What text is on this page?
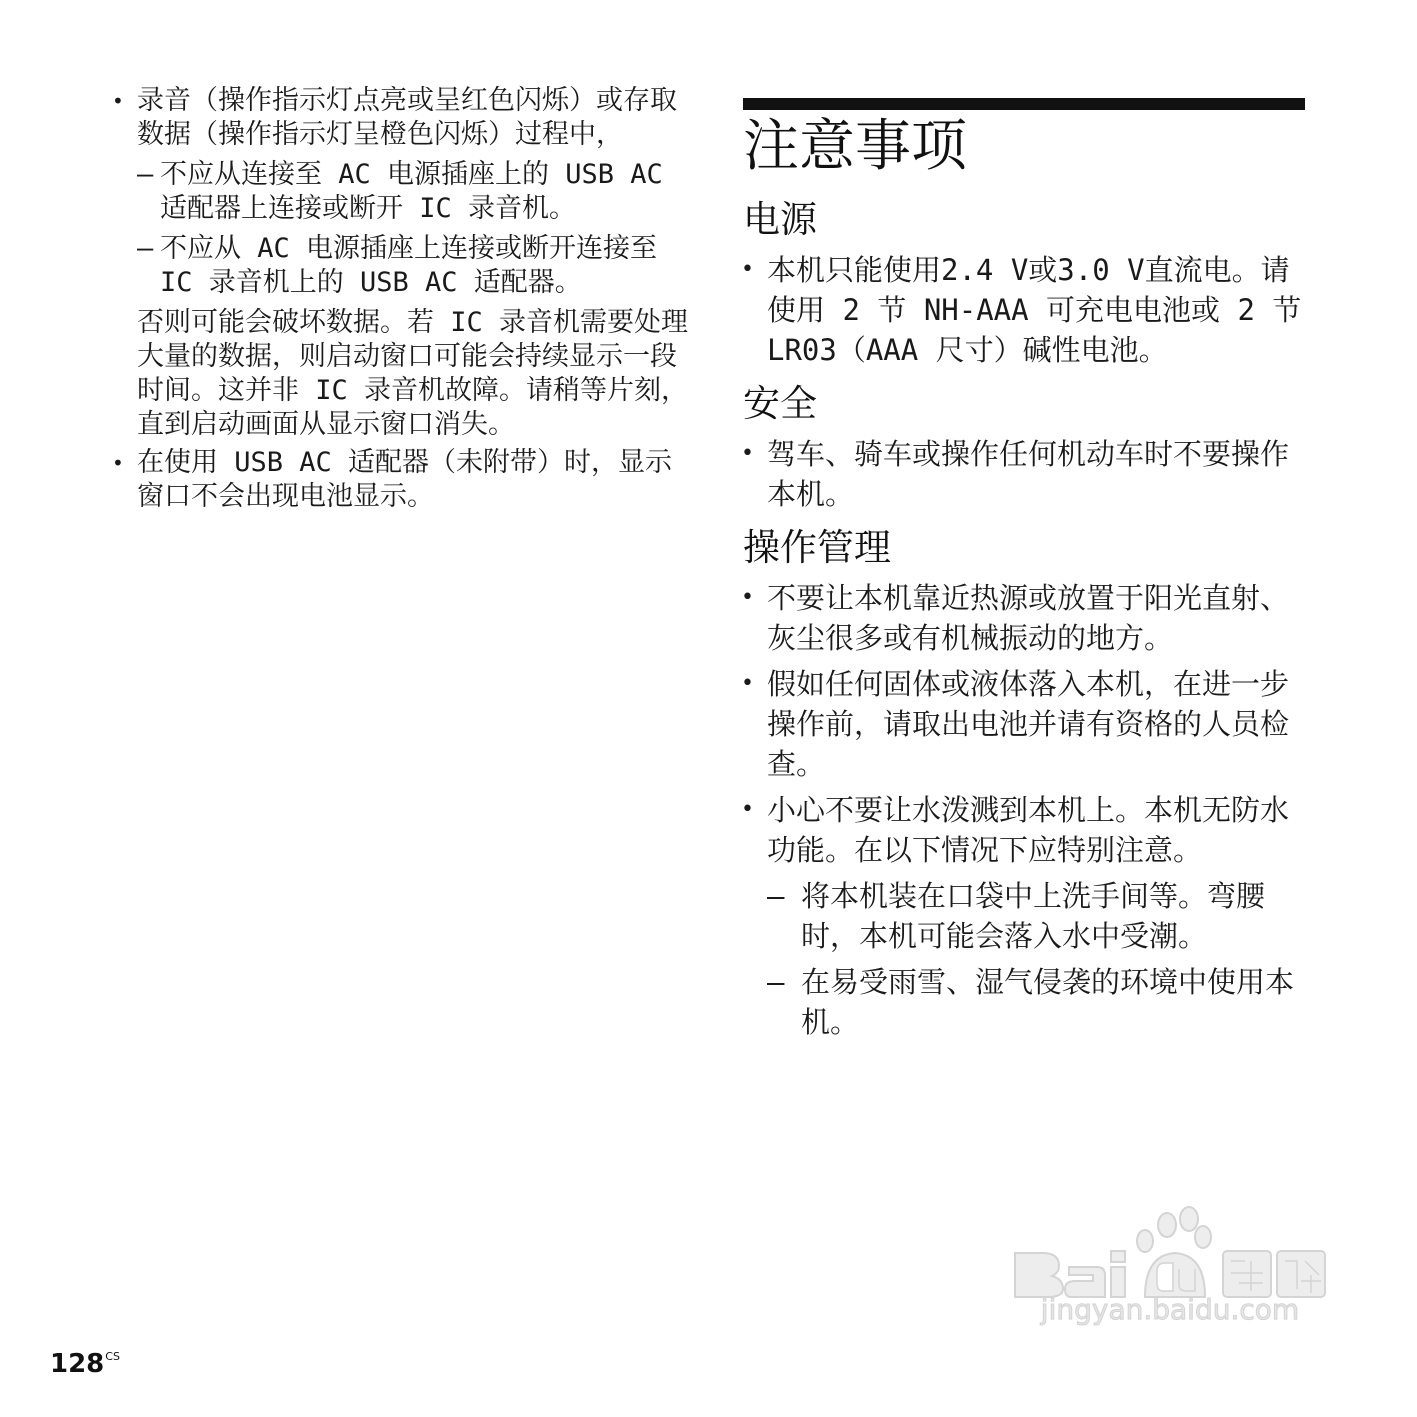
• 录音（操作指示灯点亮或呈红色闪烁）或存取数据（操作指示灯呈橙色闪烁）过程中，
– 不应从连接至 AC 电源插座上的 USB AC 适配器上连接或断开 IC 录音机。
– 不应从 AC 电源插座上连接或断开连接至 IC 录音机上的 USB AC 适配器。
否则可能会破坏数据。若 IC 录音机需要处理大量的数据，则启动窗口可能会持续显示一段时间。这并非 IC 录音机故障。请稍等片刻，直到启动画面从显示窗口消失。
• 在使用 USB AC 适配器（未附带）时，显示窗口不会出现电池显示。
注意事项
电源
• 本机只能使用2.4 V或3.0 V直流电。请使用 2 节 NH-AAA 可充电电池或 2 节 LR03（AAA 尺寸）碱性电池。
安全
• 驾车、骑车或操作任何机动车时不要操作本机。
操作管理
• 不要让本机靠近热源或放置于阳光直射、灰尘很多或有机械振动的地方。
• 假如任何固体或液体落入本机，在进一步操作前，请取出电池并请有资格的人员检查。
• 小心不要让水泼溅到本机上。本机无防水功能。在以下情况下应特别注意。
– 将本机装在口袋中上洗手间等。弯腰时，本机可能会落入水中受潮。
– 在易受雨雪、湿气侵袭的环境中使用本机。
$128^{CS}$
jingyan.baidu.com
